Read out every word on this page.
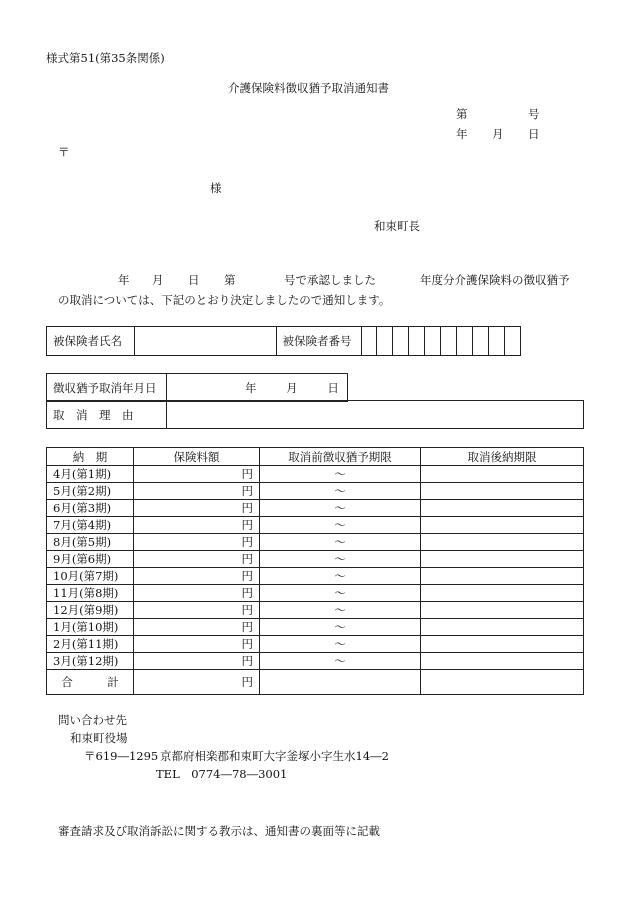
様式第51(第35条関係)
介護保険料徴収猶予取消通知書
第	号
年 月 日
〒
様
和束町長
年 月 日 第	号で承認しました	年度分介護保険料の徴収猶予
の取消については、下記のとおり決定しましたので通知します。
被保険者氏名		被保険者番号										
徴収猶予取消年月日	年	月	日
取　消　理　由	
納　期	保険料額	取消前徴収猶予期限	取消後納期限
4月(第1期)	円	～	
5月(第2期)	円	～	
6月(第3期)	円	～	
7月(第4期)	円	～	
8月(第5期)	円	～	
9月(第6期)	円	～	
10月(第7期)	円	～	
11月(第8期)	円	～	
12月(第9期)	円	～	
1月(第10期)	円	～	
2月(第11期)	円	～	
3月(第12期)	円	～	
合　　　計	円		
問い合わせ先
和束町役場
〒619―1295 京都府相楽郡和束町大字釜塚小字生水14―2
TEL　0774―78―3001
審査請求及び取消訴訟に関する教示は、通知書の裏面等に記載
